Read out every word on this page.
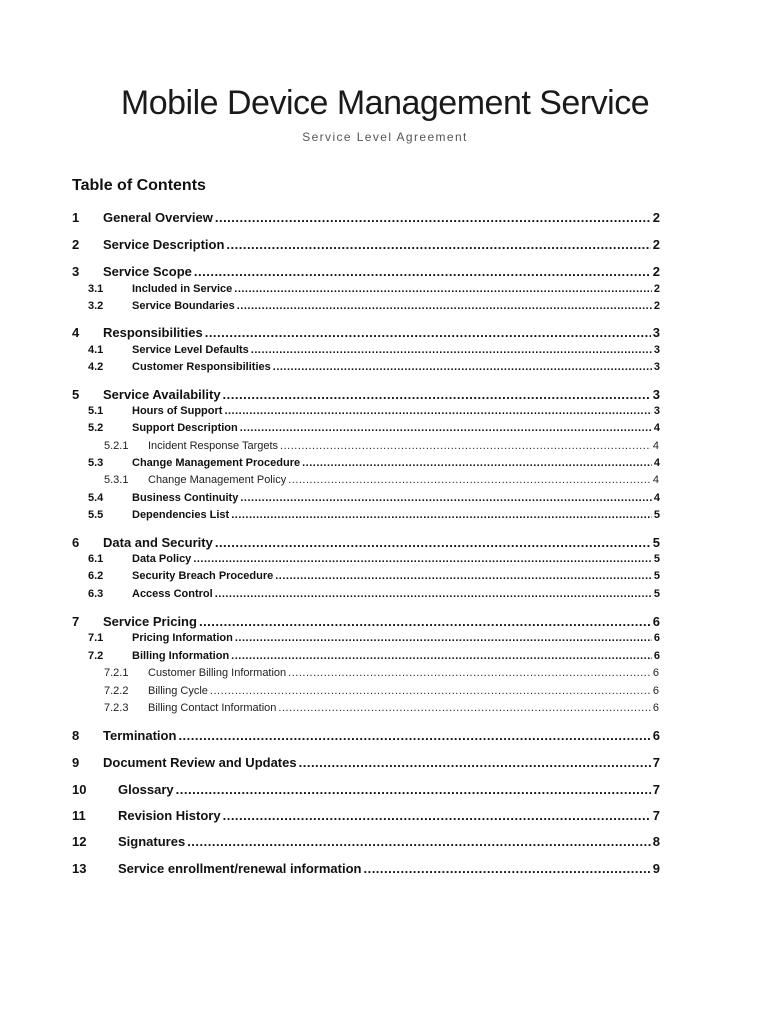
Mobile Device Management Service
Service Level Agreement
Table of Contents
1	General Overview .....	2
2	Service Description .....	2
3	Service Scope .....	2
3.1	Included in Service .....	2
3.2	Service Boundaries .....	2
4	Responsibilities .....	3
4.1	Service Level Defaults .....	3
4.2	Customer Responsibilities .....	3
5	Service Availability .....	3
5.1	Hours of Support .....	3
5.2	Support Description .....	4
5.2.1	Incident Response Targets .....	4
5.3	Change Management Procedure .....	4
5.3.1	Change Management Policy .....	4
5.4	Business Continuity .....	4
5.5	Dependencies List .....	5
6	Data and Security .....	5
6.1	Data Policy .....	5
6.2	Security Breach Procedure .....	5
6.3	Access Control .....	5
7	Service Pricing .....	6
7.1	Pricing Information .....	6
7.2	Billing Information .....	6
7.2.1	Customer Billing Information .....	6
7.2.2	Billing Cycle .....	6
7.2.3	Billing Contact Information .....	6
8	Termination .....	6
9	Document Review and Updates .....	7
10	Glossary .....	7
11	Revision History .....	7
12	Signatures .....	8
13	Service enrollment/renewal information .....	9
